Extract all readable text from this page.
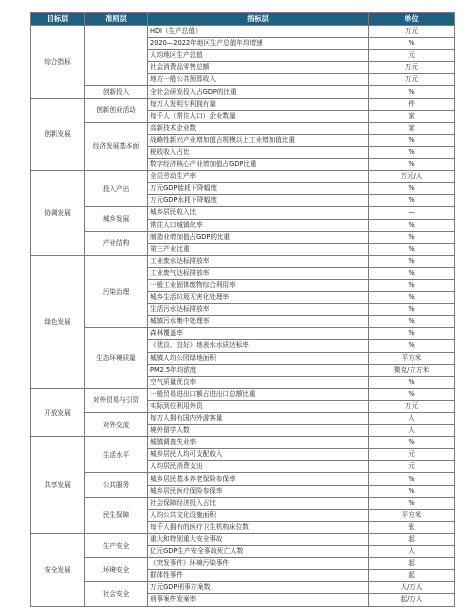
目标层	准则层	指标层	单位
综合指标		HDI（生产总值）	万元
		2020—2022年地区生产总值年均增速	%
		人均地区生产总值	元
		社会消费品零售总额	万元
		地方一般公共预算收入	万元
	创新投入	全社会研发投入占GDP的比重	%
创新发展	创新创业活动	每万人发明专利拥有量	件
		每千人（常住人口）企业数量	家
	经济发展基本面	高新技术企业数	家
		战略性新兴产业增加值占规模以上工业增加值比重	%
		税收收入占比	%
		数字经济核心产业增加值占GDP比重	%
协调发展	投入产出	全员劳动生产率	万元/人
		万元GDP能耗下降幅度	%
		万元GDP水耗下降幅度	%
	城乡发展	城乡居民收入比	—
		常住人口城镇化率	%
	产业结构	制造业增加值占GDP的比重	%
		第三产业比重	%
绿色发展	污染治理	工业废水达标排放率	%
		工业废气达标排放率	%
		一般工业固体废物综合利用率	%
		城乡生活垃圾无害化处理率	%
		生活污水达标排放率	%
		城镇污水集中处理率	%
	生态环境质量	森林覆盖率	%
		《优良、良好》地表水水质达标率	%
		城镇人均公园绿地面积	平方米
		PM2.5年均浓度	微克/立方米
		空气质量优良率	%
开放发展	对外贸易与引资	一般贸易进出口额占进出口总额比重	%
		实际到位利用外资	万元
	对外交流	每万人拥有国内外游客量	人
		境外留学人数	人
共享发展	生活水平	城镇调查失业率	%
		城乡居民人均可支配收入	元
		人均居民消费支出	元
	公共服务	城乡居民基本养老保险参保率	%
		城乡居民医疗保险参保率	%
	民生保障	社会保障经济投入占比	%
		人均公共文化设施面积	平方米
		每千人拥有的医疗卫生机构床位数	张
安全发展	生产安全	重大和特别重大安全事故	起
		亿元GDP生产安全事故死亡人数	人
	环境安全	《突发事件》环境污染事件	起
		群体性事件	起
	社会安全	万元GDP刑事立案数	人/万人
		刑事案件发案率	起/万人
